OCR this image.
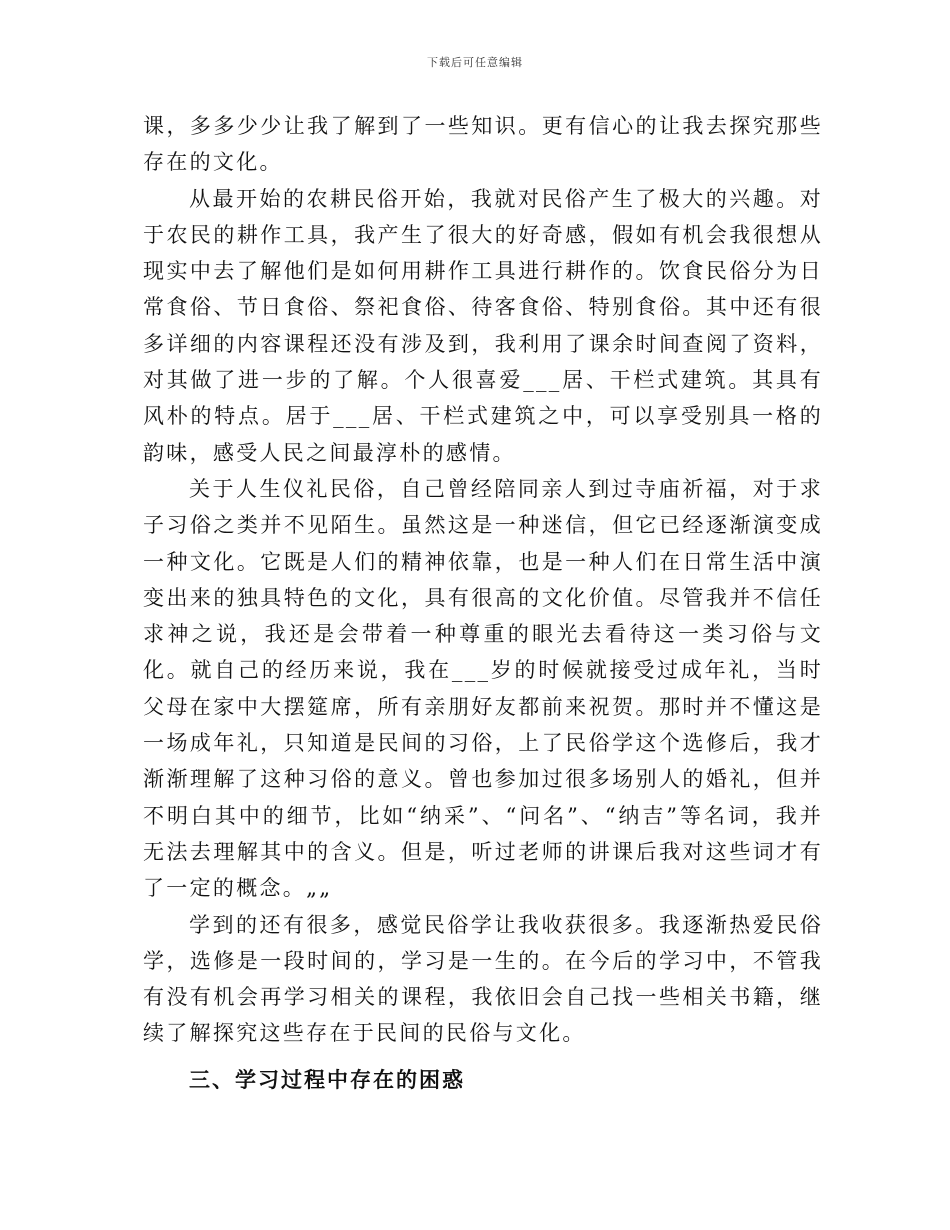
下载后可任意编辑

课，多多少少让我了解到了一些知识。更有信心的让我去探究那些存在的文化。

从最开始的农耕民俗开始，我就对民俗产生了极大的兴趣。对于农民的耕作工具，我产生了很大的好奇感，假如有机会我很想从现实中去了解他们是如何用耕作工具进行耕作的。饮食民俗分为日常食俗、节日食俗、祭祀食俗、待客食俗、特别食俗。其中还有很多详细的内容课程还没有涉及到，我利用了课余时间查阅了资料，对其做了进一步的了解。个人很喜爱___居、干栏式建筑。其具有风朴的特点。居于___居、干栏式建筑之中，可以享受别具一格的韵味，感受人民之间最淳朴的感情。

关于人生仪礼民俗，自己曾经陪同亲人到过寺庙祈福，对于求子习俗之类并不见陌生。虽然这是一种迷信，但它已经逐渐演变成一种文化。它既是人们的精神依靠，也是一种人们在日常生活中演变出来的独具特色的文化，具有很高的文化价值。尽管我并不信任求神之说，我还是会带着一种尊重的眼光去看待这一类习俗与文化。就自己的经历来说，我在___岁的时候就接受过成年礼，当时父母在家中大摆筵席，所有亲朋好友都前来祝贺。那时并不懂这是一场成年礼，只知道是民间的习俗，上了民俗学这个选修后，我才渐渐理解了这种习俗的意义。曾也参加过很多场别人的婚礼，但并不明白其中的细节，比如“纳采”、“问名”、“纳吉”等名词，我并无法去理解其中的含义。但是，听过老师的讲课后我对这些词才有了一定的概念。„„

学到的还有很多，感觉民俗学让我收获很多。我逐渐热爱民俗学，选修是一段时间的，学习是一生的。在今后的学习中，不管我有没有机会再学习相关的课程，我依旧会自己找一些相关书籍，继续了解探究这些存在于民间的民俗与文化。

三、学习过程中存在的困惑
